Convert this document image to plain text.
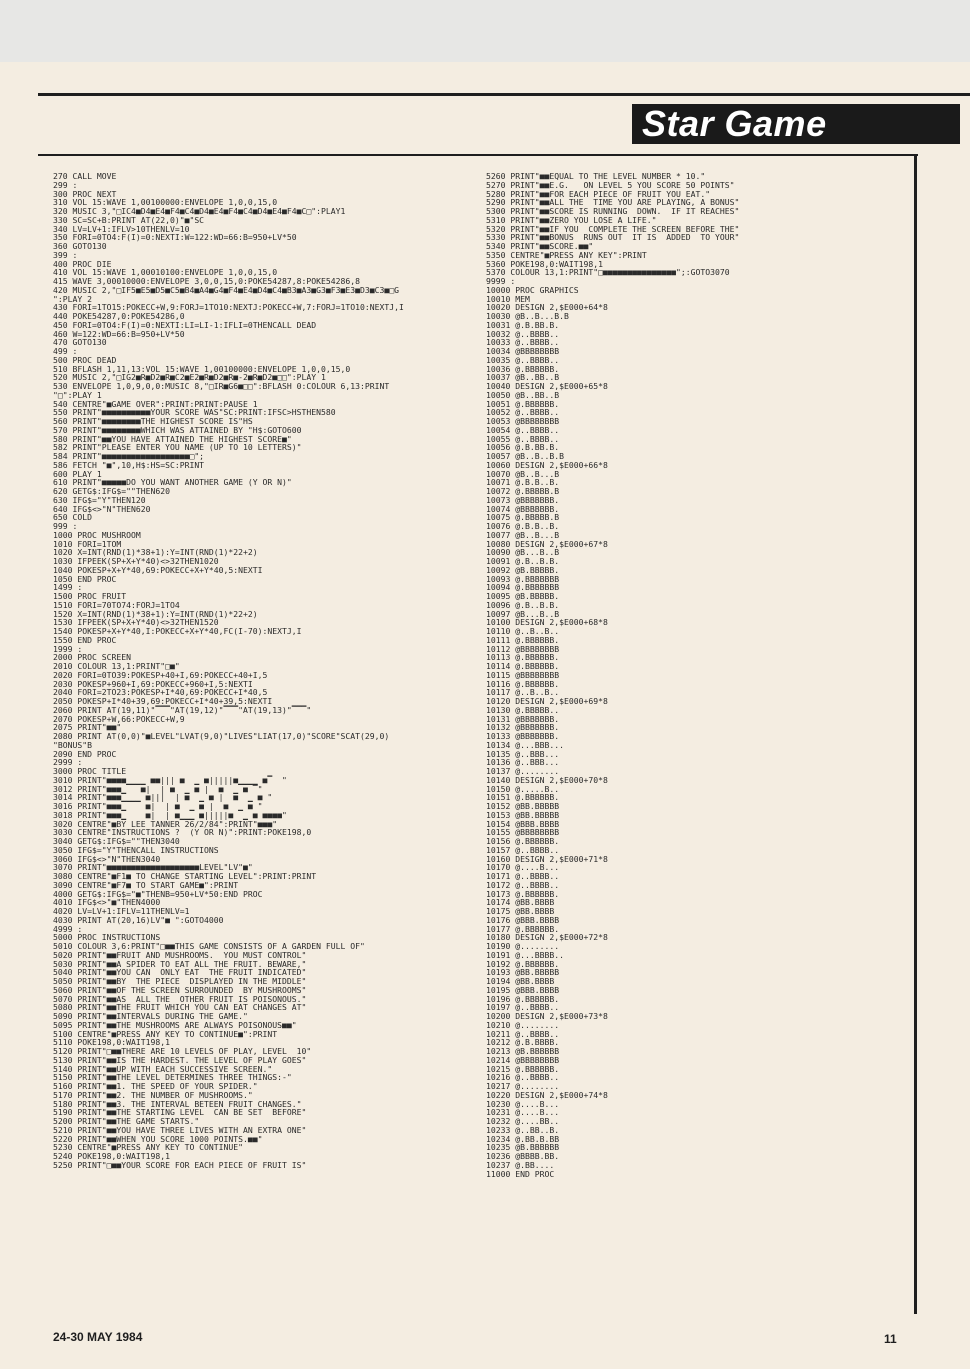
Star Game
270 CALL MOVE
299 :
300 PROC NEXT
310 VOL 15:WAVE 1,00100000:ENVELOPE 1,0,0,15,0
320 MUSIC 3,"□IC4■D4■E4■F4■C4■D4■E4■F4■C4■D4■E4■F4■C□":PLAY1
330 SC=SC+B:PRINT AT(22,0)"■"SC
340 LV=LV+1:IFLV>10THENLV=10
350 FORI=0TO4:F(I)=0:NEXTI:W=122:WD=66:B=950+LV*50
360 GOTO130
399 :
400 PROC DIE
410 VOL 15:WAVE 1,00010100:ENVELOPE 1,0,0,15,0
415 WAVE 3,00010000:ENVELOPE 3,0,0,15,0:POKE54287,8:POKE54286,8
420 MUSIC 2,"□IF5■E5■D5■C5■B4■A4■G4■F4■E4■D4■C4■B3■A3■G3■F3■E3■D3■C3■□G
":PLAY 2
430 FORI=1TO15:POKECC+W,9:FORJ=1TO10:NEXTJ:POKECC+W,7:FORJ=1TO10:NEXTJ,I
440 POKE54287,0:POKE54286,0
450 FORI=0TO4:F(I)=0:NEXTI:LI=LI-1:IFLI=0THENCALL DEAD
460 W=122:WD=66:B=950+LV*50
470 GOTO130
499 :
500 PROC DEAD
510 BFLASH 1,11,13:VOL 15:WAVE 1,00100000:ENVELOPE 1,0,0,15,0
520 MUSIC 2,"□IG2■R■D2■R■C2■E2■R■D2■R■-2■R■D2■□□":PLAY 1
530 ENVELOPE 1,0,9,0,0:MUSIC 8,"□IR■G6■□□":BFLASH 0:COLOUR 6,13:PRINT
"□":PLAY 1
540 CENTRE"■GAME OVER":PRINT:PRINT:PAUSE 1
550 PRINT"■■■■■■■■■■YOUR SCORE WAS"SC:PRINT:IFSC>HSTHEN580
560 PRINT"■■■■■■■■THE HIGHEST SCORE IS"HS
570 PRINT"■■■■■■■■WHICH WAS ATTAINED BY "H$:GOTO600
580 PRINT"■■YOU HAVE ATTAINED THE HIGHEST SCORE■"
582 PRINT"PLEASE ENTER YOU NAME (UP TO 10 LETTERS)"
584 PRINT"■■■■■■■■■■■■■■■■■■□";
586 FETCH "■",10,H$:HS=SC:PRINT
600 PLAY 1
610 PRINT"■■■■■DO YOU WANT ANOTHER GAME (Y OR N)"
620 GETG$:IFG$=""THEN620
630 IFG$="Y"THEN120
640 IFG$<>"N"THEN620
650 COLD
999 :
1000 PROC MUSHROOM
1010 FORI=1TOM
1020 X=INT(RND(1)*38+1):Y=INT(RND(1)*22+2)
1030 IFPEEK(SP+X+Y*40)<>32THEN1020
1040 POKESP+X+Y*40,69:POKECC+X+Y*40,5:NEXTI
1050 END PROC
1499 :
1500 PROC FRUIT
1510 FORI=70TO74:FORJ=1TO4
1520 X=INT(RND(1)*38+1):Y=INT(RND(1)*22+2)
1530 IFPEEK(SP+X+Y*40)<>32THEN1520
1540 POKESP+X+Y*40,I:POKECC+X+Y*40,FC(I-70):NEXTJ,I
1550 END PROC
1999 :
2000 PROC SCREEN
2010 COLOUR 13,1:PRINT"□■"
2020 FORI=0TO39:POKESP+40+I,69:POKECC+40+I,5
2030 POKESP+960+I,69:POKECC+960+I,5:NEXTI
2040 FORI=2TO23:POKESP+I*40,69:POKECC+I*40,5
2050 POKESP+I*40+39,69:POKECC+I*40+39,5:NEXTI
2060 PRINT AT(19,11)"▔▔▔"AT(19,12)"▔▔▔"AT(19,13)"▔▔▔"
2070 POKESP+W,66:POKECC+W,9
2075 PRINT"■■"
2080 PRINT AT(0,0)"■LEVEL"LVAT(9,0)"LIVES"LIAT(17,0)"SCORE"SCAT(29,0)
"BONUS"B
2090 END PROC
2999 :
3000 PROC TITLE
3010 PRINT"■■■■▁▁▁▁ ■■||| ■  ▁ ■|||||■▁▁▁▁ ■▔  "
3012 PRINT"■■■▁   ■|  | ■  ▁ ■ |  ■  ▁ ■ ▔"
3014 PRINT"■■■▁▁▁▁ ■|||  | ■  ▁ ■ |  ■  ▁ ■ "
3016 PRINT"■■■▁    ■|  | ■  ▁ ■ |  ■  ▁ ■ "
3018 PRINT"■■■▁    ■|  | ■▁▁▁ ■|||||■  ▁ ■ ■■■■"
3020 CENTRE"■BY LEE TANNER 26/2/84":PRINT"■■■"
3030 CENTRE"INSTRUCTIONS ?  (Y OR N)":PRINT:POKE198,0
3040 GETG$:IFG$=""THEN3040
3050 IFG$="Y"THENCALL INSTRUCTIONS
3060 IFG$<>"N"THEN3040
3070 PRINT"■■■■■■■■■■■■■■■■■■■LEVEL"LV"■"
3080 CENTRE"■F1■ TO CHANGE STARTING LEVEL":PRINT:PRINT
3090 CENTRE"■F7■ TO START GAME■":PRINT
4000 GETG$:IFG$="■"THENB=950+LV*50:END PROC
4010 IFG$<>"■"THEN4000
4020 LV=LV+1:IFLV=11THENLV=1
4030 PRINT AT(20,16)LV"■ ":GOTO4000
4999 :
5000 PROC INSTRUCTIONS
5010 COLOUR 3,6:PRINT"□■■THIS GAME CONSISTS OF A GARDEN FULL OF"
5020 PRINT"■■FRUIT AND MUSHROOMS.  YOU MUST CONTROL"
5030 PRINT"■■A SPIDER TO EAT ALL THE FRUIT. BEWARE,"
5040 PRINT"■■YOU CAN  ONLY EAT  THE FRUIT INDICATED"
5050 PRINT"■■BY  THE PIECE  DISPLAYED IN THE MIDDLE"
5060 PRINT"■■OF THE SCREEN SURROUNDED  BY MUSHROOMS"
5070 PRINT"■■AS  ALL THE  OTHER FRUIT IS POISONOUS."
5080 PRINT"■■THE FRUIT WHICH YOU CAN EAT CHANGES AT"
5090 PRINT"■■INTERVALS DURING THE GAME."
5095 PRINT"■■THE MUSHROOMS ARE ALWAYS POISONOUS■■"
5100 CENTRE"■PRESS ANY KEY TO CONTINUE■":PRINT
5110 POKE198,0:WAIT198,1
5120 PRINT"□■■THERE ARE 10 LEVELS OF PLAY, LEVEL  10"
5130 PRINT"■■IS THE HARDEST. THE LEVEL OF PLAY GOES"
5140 PRINT"■■UP WITH EACH SUCCESSIVE SCREEN."
5150 PRINT"■■THE LEVEL DETERMINES THREE THINGS:-"
5160 PRINT"■■1. THE SPEED OF YOUR SPIDER."
5170 PRINT"■■2. THE NUMBER OF MUSHROOMS."
5180 PRINT"■■3. THE INTERVAL BETEEN FRUIT CHANGES."
5190 PRINT"■■THE STARTING LEVEL  CAN BE SET  BEFORE"
5200 PRINT"■■THE GAME STARTS."
5210 PRINT"■■YOU HAVE THREE LIVES WITH AN EXTRA ONE"
5220 PRINT"■■WHEN YOU SCORE 1000 POINTS.■■"
5230 CENTRE"■PRESS ANY KEY TO CONTINUE"
5240 POKE198,0:WAIT198,1
5250 PRINT"□■■YOUR SCORE FOR EACH PIECE OF FRUIT IS"
5260 PRINT"■■EQUAL TO THE LEVEL NUMBER * 10."
5270 PRINT"■■E.G.   ON LEVEL 5 YOU SCORE 50 POINTS"
5280 PRINT"■■FOR EACH PIECE OF FRUIT YOU EAT."
5290 PRINT"■■ALL THE  TIME YOU ARE PLAYING, A BONUS"
5300 PRINT"■■SCORE IS RUNNING  DOWN.  IF IT REACHES"
5310 PRINT"■■ZERO YOU LOSE A LIFE."
5320 PRINT"■■IF YOU  COMPLETE THE SCREEN BEFORE THE"
5330 PRINT"■■BONUS  RUNS OUT  IT IS  ADDED  TO YOUR"
5340 PRINT"■■SCORE.■■"
5350 CENTRE"■PRESS ANY KEY":PRINT
5360 POKE198,0:WAIT198,1
5370 COLOUR 13,1:PRINT"□■■■■■■■■■■■■■■■";:GOTO3070
9999 :
10000 PROC GRAPHICS
10010 MEM
10020 DESIGN 2,$E000+64*8
10030 @B..B...B.B
10031 @.B.BB.B.
10032 @..BBBB..
10033 @..BBBB..
10034 @BBBBBBBB
10035 @..BBBB..
10036 @.BBBBBB.
10037 @B..BB..B
10040 DESIGN 2,$E000+65*8
10050 @B..BB..B
10051 @.BBBBBB.
10052 @..BBBB..
10053 @BBBBBBBB
10054 @..BBBB..
10055 @..BBBB..
10056 @.B.BB.B.
10057 @B..B..B.B
10060 DESIGN 2,$E000+66*8
10070 @B..B...B
10071 @.B.B..B.
10072 @.BBBBB.B
10073 @BBBBBBB.
10074 @BBBBBBB.
10075 @.BBBBB.B
10076 @.B.B..B.
10077 @B..B...B
10080 DESIGN 2,$E000+67*8
10090 @B...B..B
10091 @.B..B.B.
10092 @B.BBBBB.
10093 @.BBBBBBB
10094 @.BBBBBBB
10095 @B.BBBBB.
10096 @.B..B.B.
10097 @B...B..B
10100 DESIGN 2,$E000+68*8
10110 @..B..B..
10111 @.BBBBBB.
10112 @BBBBBBBB
10113 @.BBBBBB.
10114 @.BBBBBB.
10115 @BBBBBBBB
10116 @.BBBBBB.
10117 @..B..B..
10120 DESIGN 2,$E000+69*8
10130 @.BBBBB..
10131 @BBBBBBB.
10132 @BBBBBBB.
10133 @BBBBBBB.
10134 @...BBB...
10135 @..BBB...
10136 @..BBB...
10137 @........
10140 DESIGN 2,$E000+70*8
10150 @.....B..
10151 @.BBBBBB.
10152 @BB.BBBBB
10153 @BB.BBBBB
10154 @BBB.BBBB
10155 @BBBBBBBB
10156 @.BBBBBB.
10157 @..BBBB..
10160 DESIGN 2,$E000+71*8
10170 @....B...
10171 @..BBBB..
10172 @..BBBB..
10173 @.BBBBBB.
10174 @BB.BBBB
10175 @BB.BBBB
10176 @BBB.BBBB
10177 @.BBBBBB.
10180 DESIGN 2,$E000+72*8
10190 @........
10191 @...BBBB..
10192 @.BBBBBB.
10193 @BB.BBBBB
10194 @BB.BBBB
10195 @BBB.BBBB
10196 @.BBBBBB.
10197 @..BBBB..
10200 DESIGN 2,$E000+73*8
10210 @........
10211 @..BBBB..
10212 @.B.BBBB.
10213 @B.BBBBBB
10214 @BBBBBBBB
10215 @.BBBBBB.
10216 @..BBBB..
10217 @........
10220 DESIGN 2,$E000+74*8
10230 @....B...
10231 @....B...
10232 @....BB..
10233 @..BB..B.
10234 @.BB.B.BB
10235 @B.BBBBBB
10236 @BBBB.BB.
10237 @.BB....
11000 END PROC
24-30 MAY 1984	11
